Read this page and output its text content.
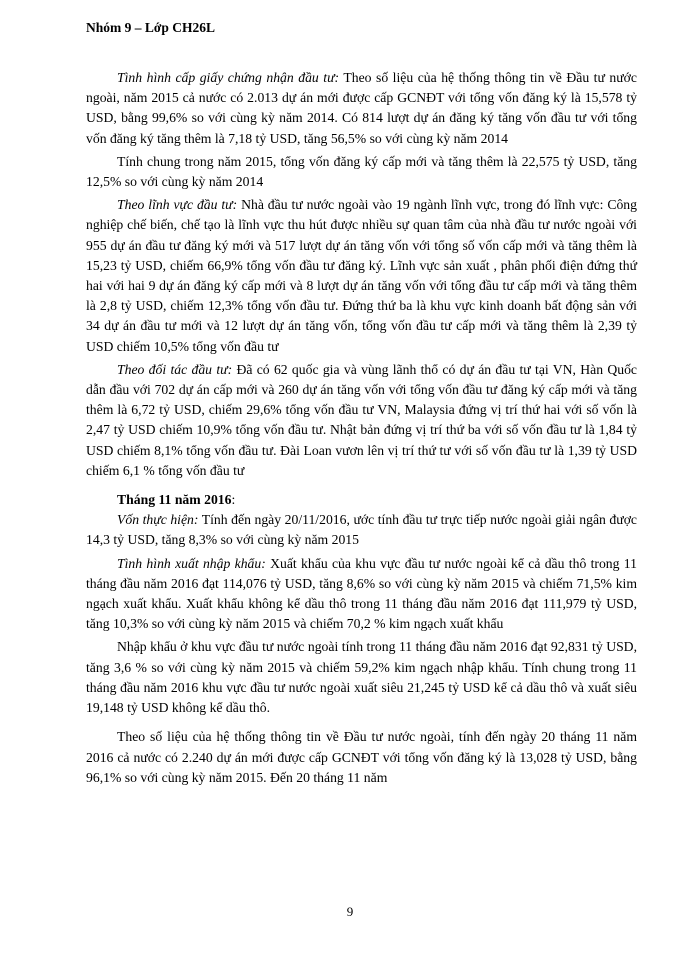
Nhóm 9 – Lớp CH26L

Tình hình cấp giấy chứng nhận đầu tư: Theo số liệu của hệ thống thông tin về Đầu tư nước ngoài, năm 2015 cả nước có 2.013 dự án mới được cấp GCNĐT với tổng vốn đăng ký là 15,578 tỷ USD, bằng 99,6% so với cùng kỳ năm 2014. Có 814 lượt dự án đăng ký tăng vốn đầu tư với tổng vốn đăng ký tăng thêm là 7,18 tỷ USD, tăng 56,5% so với cùng kỳ năm 2014

Tính chung trong năm 2015, tổng vốn đăng ký cấp mới và tăng thêm là 22,575 tỷ USD, tăng 12,5% so với cùng kỳ năm 2014

Theo lĩnh vực đầu tư: Nhà đầu tư nước ngoài vào 19 ngành lĩnh vực, trong đó lĩnh vực: Công nghiệp chế biến, chế tạo là lĩnh vực thu hút được nhiều sự quan tâm của nhà đầu tư nước ngoài với 955 dự án đầu tư đăng ký mới và 517 lượt dự án tăng vốn với tổng số vốn cấp mới và tăng thêm là 15,23 tỷ USD, chiếm 66,9% tổng vốn đầu tư đăng ký. Lĩnh vực sản xuất , phân phối điện đứng thứ hai với hai 9 dự án đăng ký cấp mới và 8 lượt dự án tăng vốn với tổng đầu tư cấp mới và tăng thêm là 2,8 tỷ USD, chiếm 12,3% tổng vốn đầu tư. Đứng thứ ba là khu vực kinh doanh bất động sản với 34 dự án đầu tư mới và 12 lượt dự án tăng vốn, tổng vốn đầu tư cấp mới và tăng thêm là 2,39 tỷ USD chiếm 10,5% tổng vốn đầu tư

Theo đối tác đầu tư: Đã có 62 quốc gia và vùng lãnh thổ có dự án đầu tư tại VN, Hàn Quốc dẫn đầu với 702 dự án cấp mới và 260 dự án tăng vốn với tổng vốn đầu tư đăng ký cấp mới và tăng thêm là 6,72 tỷ USD, chiếm 29,6% tổng vốn đầu tư VN, Malaysia đứng vị trí thứ hai với số vốn là 2,47 tỷ USD chiếm 10,9% tổng vốn đầu tư. Nhật bản đứng vị trí thứ ba với số vốn đầu tư là 1,84 tỷ USD chiếm 8,1% tổng vốn đầu tư. Đài Loan vươn lên vị trí thứ tư với số vốn đầu tư là 1,39 tỷ USD chiếm 6,1 % tổng vốn đầu tư

Tháng 11 năm 2016:

Vốn thực hiện: Tính đến ngày 20/11/2016, ước tính đầu tư trực tiếp nước ngoài giải ngân được 14,3 tỷ USD, tăng 8,3% so với cùng kỳ năm 2015

Tình hình xuất nhập khẩu: Xuất khẩu của khu vực đầu tư nước ngoài kể cả dầu thô trong 11 tháng đầu năm 2016 đạt 114,076 tỷ USD, tăng 8,6% so với cùng kỳ năm 2015 và chiếm 71,5% kim ngạch xuất khẩu. Xuất khẩu không kể dầu thô trong 11 tháng đầu năm 2016 đạt 111,979 tỷ USD, tăng 10,3% so với cùng kỳ năm 2015 và chiếm 70,2 % kim ngạch xuất khẩu

Nhập khẩu ở khu vực đầu tư nước ngoài tính trong 11 tháng đầu năm 2016 đạt 92,831 tỷ USD, tăng 3,6 % so với cùng kỳ năm 2015 và chiếm 59,2% kim ngạch nhập khẩu. Tính chung trong 11 tháng đầu năm 2016 khu vực đầu tư nước ngoài xuất siêu 21,245 tỷ USD kể cả dầu thô và xuất siêu 19,148 tỷ USD không kể dầu thô.

Theo số liệu của hệ thống thông tin về Đầu tư nước ngoài, tính đến ngày 20 tháng 11 năm 2016 cả nước có 2.240 dự án mới được cấp GCNĐT với tổng vốn đăng ký là 13,028 tỷ USD, bằng 96,1% so với cùng kỳ năm 2015. Đến 20 tháng 11 năm

9
